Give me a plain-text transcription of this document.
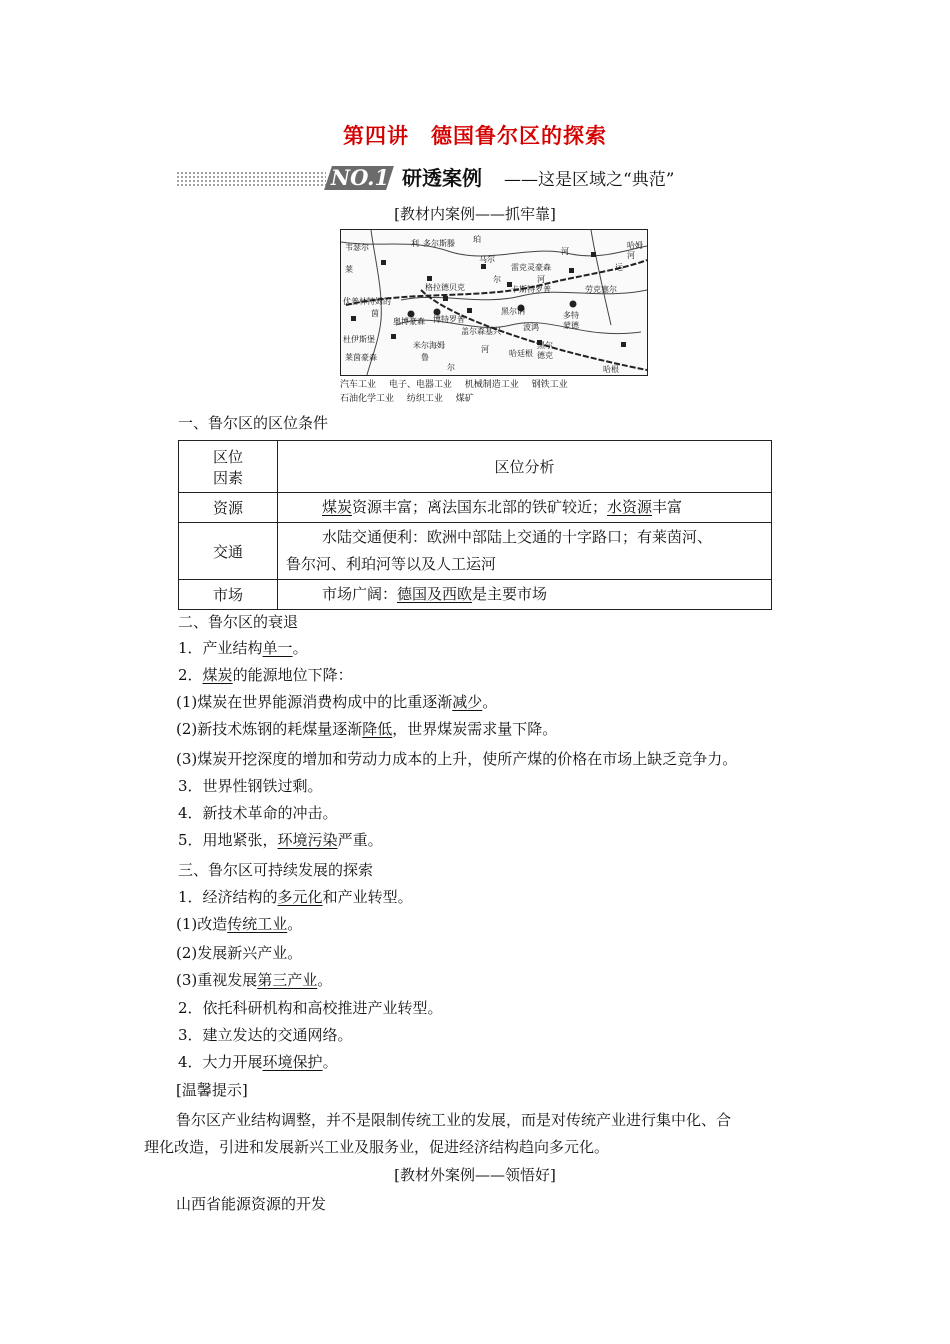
第四讲　德国鲁尔区的探索
NO.1 研透案例 ——这是区域之“典范”
[教材内案例——抓牢靠]
韦瑟尔	利 多尔斯滕 珀
马尔
河
哈姆
河
运
格拉德贝克
雷克灵豪森
尔	河
卡斯特罗普	劳克塞尔
莱
伏普林特姆的
茵
奥博豪森 博特罗普
黑尔讷	多特
蒙德
盖尔森基兴	波鸿
杜伊斯堡
莱茵豪森
米尔海姆	黑尔
德克
鲁
尔
河	哈廷根
哈根
汽车工业 电子、电器工业 机械制造工业 钢铁工业
石油化学工业 纺织工业 煤矿
一、鲁尔区的区位条件
区位
因素	区位分析
资源	煤炭资源丰富；离法国东北部的铁矿较近；水资源丰富
交通	水陆交通便利：欧洲中部陆上交通的十字路口；有莱茵河、
鲁尔河、利珀河等以及人工运河

市场	市场广阔：德国及西欧是主要市场
二、鲁尔区的衰退
1．产业结构单一。
2．煤炭的能源地位下降：
(1)煤炭在世界能源消费构成中的比重逐渐减少。
(2)新技术炼钢的耗煤量逐渐降低，世界煤炭需求量下降。
(3)煤炭开挖深度的增加和劳动力成本的上升，使所产煤的价格在市场上缺乏竞争力。
3．世界性钢铁过剩。
4．新技术革命的冲击。
5．用地紧张，环境污染严重。
三、鲁尔区可持续发展的探索
1．经济结构的多元化和产业转型。
(1)改造传统工业。
(2)发展新兴产业。
(3)重视发展第三产业。
2．依托科研机构和高校推进产业转型。
3．建立发达的交通网络。
4．大力开展环境保护。
[温馨提示]
鲁尔区产业结构调整，并不是限制传统工业的发展，而是对传统产业进行集中化、合
理化改造，引进和发展新兴工业及服务业，促进经济结构趋向多元化。
[教材外案例——领悟好]
山西省能源资源的开发
